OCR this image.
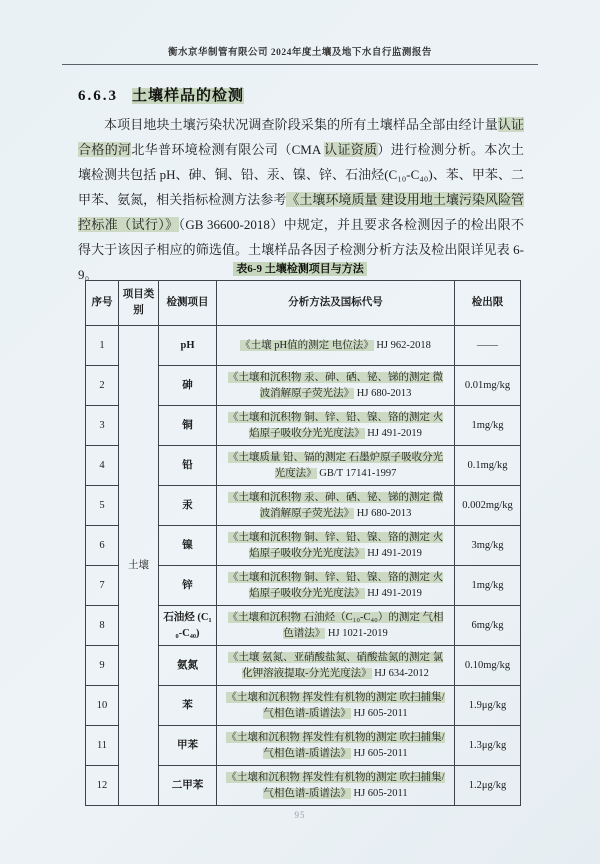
衡水京华制管有限公司 2024年度土壤及地下水自行监测报告
6.6.3 土壤样品的检测
本项目地块土壤污染状况调查阶段采集的所有土壤样品全部由经计量认证合格的河北华普环境检测有限公司（CMA 认证资质）进行检测分析。本次土壤检测共包括 pH、砷、铜、铅、汞、镍、锌、石油烃(C₁₀-C₄₀)、苯、甲苯、二甲苯、氨氮，相关指标检测方法参考《土壤环境质量 建设用地土壤污染风险管控标准（试行）》（GB 36600-2018）中规定，并且要求各检测因子的检出限不得大于该因子相应的筛选值。土壤样品各因子检测分析方法及检出限详见表 6-9。	表6-9 土壤检测项目与方法
序号	项目类别	检测项目	分析方法及国标代号	检出限
1	土壤	pH	《土壤 pH值的测定 电位法》 HJ 962-2018	——
2		砷	《土壤和沉积物 汞、砷、硒、铋、锑的测定 微波消解原子荧光法》 HJ 680-2013	0.01mg/kg
3		铜	《土壤和沉积物 铜、锌、铅、镍、铬的测定 火焰原子吸收分光光度法》 HJ 491-2019	1mg/kg
4		铅	《土壤质量 铅、镉的测定 石墨炉原子吸收分光光度法》 GB/T 17141-1997	0.1mg/kg
5		汞	《土壤和沉积物 汞、砷、硒、铋、锑的测定 微波消解原子荧光法》 HJ 680-2013	0.002mg/kg
6		镍	《土壤和沉积物 铜、锌、铅、镍、铬的测定 火焰原子吸收分光光度法》 HJ 491-2019	3mg/kg
7		锌	《土壤和沉积物 铜、锌、铅、镍、铬的测定 火焰原子吸收分光光度法》 HJ 491-2019	1mg/kg
8		石油烃 (C₁₀-C₄₀)	《土壤和沉积物 石油烃（C₁₀-C₄₀）的测定 气相色谱法》 HJ 1021-2019	6mg/kg
9		氨氮	《土壤 氨氮、亚硝酸盐氮、硝酸盐氮的测定 氯化钾溶液提取-分光光度法》 HJ 634-2012	0.10mg/kg
10		苯	《土壤和沉积物 挥发性有机物的测定 吹扫捕集/气相色谱-质谱法》 HJ 605-2011	1.9μg/kg
11		甲苯	《土壤和沉积物 挥发性有机物的测定 吹扫捕集/气相色谱-质谱法》 HJ 605-2011	1.3μg/kg
12		二甲苯	《土壤和沉积物 挥发性有机物的测定 吹扫捕集/气相色谱-质谱法》 HJ 605-2011	1.2μg/kg
95
